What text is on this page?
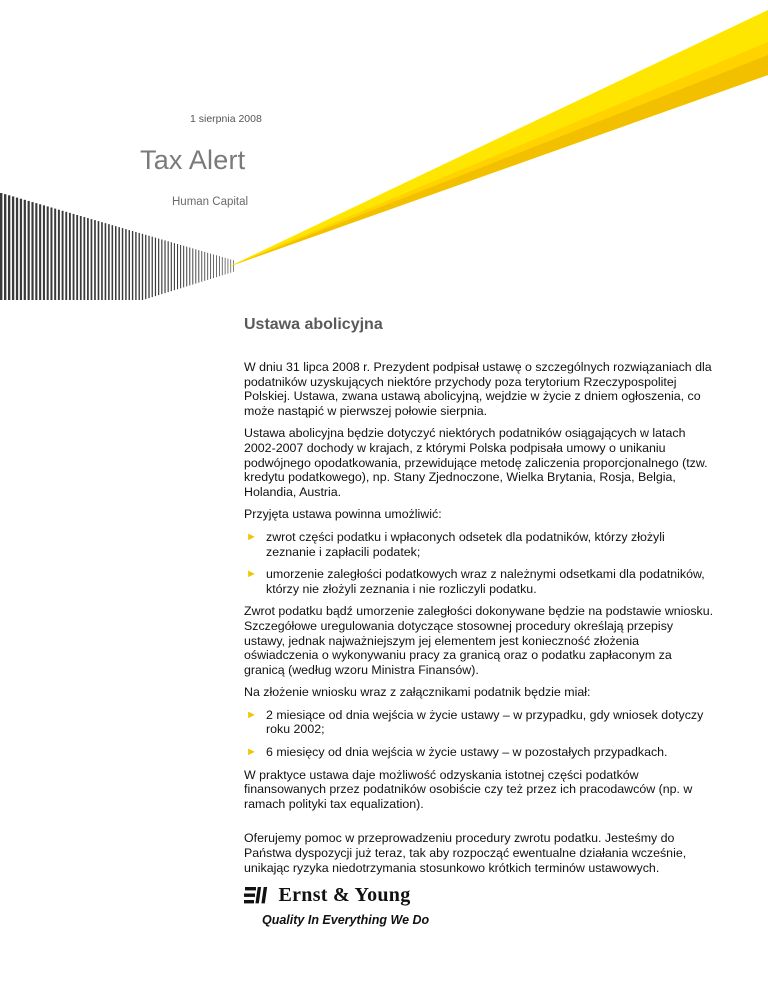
1 sierpnia 2008
Tax Alert
Human Capital
Ustawa abolicyjna

W dniu 31 lipca 2008 r. Prezydent podpisał ustawę o szczególnych rozwiązaniach dla podatników uzyskujących niektóre przychody poza terytorium Rzeczypospolitej Polskiej. Ustawa, zwana ustawą abolicyjną, wejdzie w życie z dniem ogłoszenia, co może nastąpić w pierwszej połowie sierpnia.

Ustawa abolicyjna będzie dotyczyć niektórych podatników osiągających w latach 2002-2007 dochody w krajach, z którymi Polska podpisała umowy o unikaniu podwójnego opodatkowania, przewidujące metodę zaliczenia proporcjonalnego (tzw. kredytu podatkowego), np. Stany Zjednoczone, Wielka Brytania, Rosja, Belgia, Holandia, Austria.

Przyjęta ustawa powinna umożliwić:

► zwrot części podatku i wpłaconych odsetek dla podatników, którzy złożyli zeznanie i zapłacili podatek;
► umorzenie zaległości podatkowych wraz z należnymi odsetkami dla podatników, którzy nie złożyli zeznania i nie rozliczyli podatku.

Zwrot podatku bądź umorzenie zaległości dokonywane będzie na podstawie wniosku. Szczegółowe uregulowania dotyczące stosownej procedury określają przepisy ustawy, jednak najważniejszym jej elementem jest konieczność złożenia oświadczenia o wykonywaniu pracy za granicą oraz o podatku zapłaconym za granicą (według wzoru Ministra Finansów).

Na złożenie wniosku wraz z załącznikami podatnik będzie miał:

► 2 miesiące od dnia wejścia w życie ustawy – w przypadku, gdy wniosek dotyczy roku 2002;
► 6 miesięcy od dnia wejścia w życie ustawy – w pozostałych przypadkach.

W praktyce ustawa daje możliwość odzyskania istotnej części podatków finansowanych przez podatników osobiście czy też przez ich pracodawców (np. w ramach polityki tax equalization).

Oferujemy pomoc w przeprowadzeniu procedury zwrotu podatku. Jesteśmy do Państwa dyspozycji już teraz, tak aby rozpocząć ewentualne działania wcześnie, unikając ryzyka niedotrzymania stosunkowo krótkich terminów ustawowych.

Ernst & Young
Quality In Everything We Do
